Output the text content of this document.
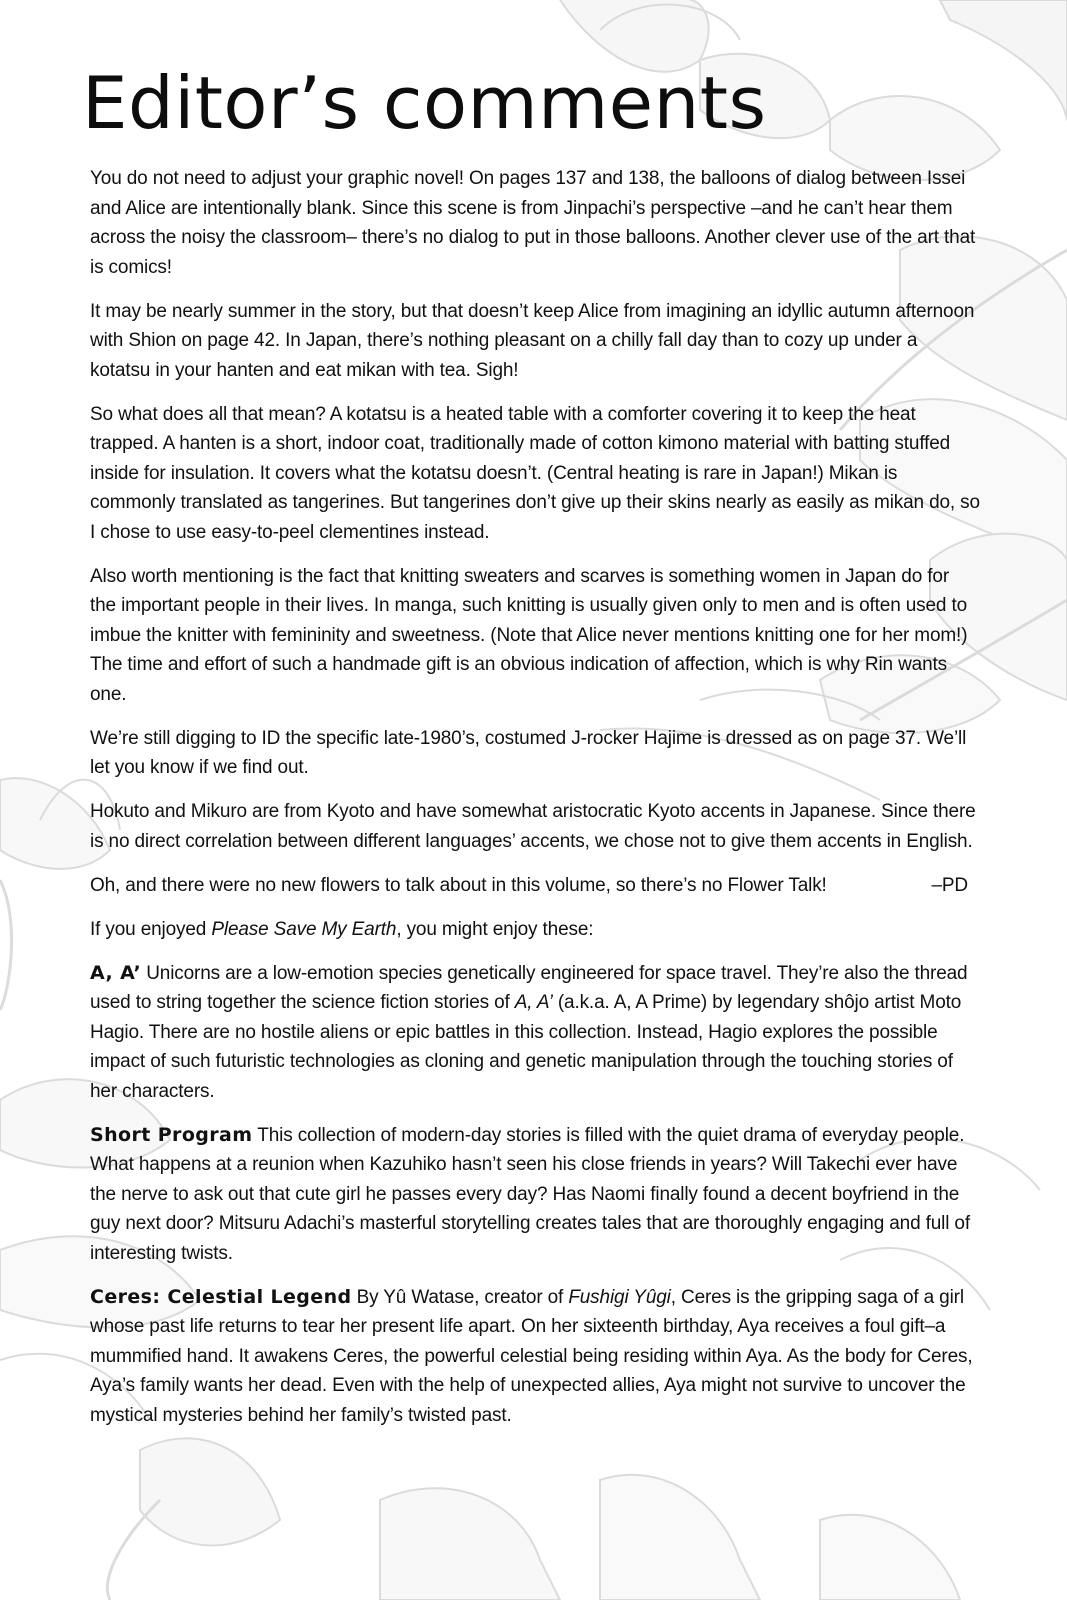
Editor’s comments

You do not need to adjust your graphic novel! On pages 137 and 138, the balloons of dialog between Issei and Alice are intentionally blank. Since this scene is from Jinpachi’s perspective –and he can’t hear them across the noisy the classroom– there’s no dialog to put in those balloons. Another clever use of the art that is comics!

It may be nearly summer in the story, but that doesn’t keep Alice from imagining an idyllic autumn afternoon with Shion on page 42. In Japan, there’s nothing pleasant on a chilly fall day than to cozy up under a kotatsu in your hanten and eat mikan with tea. Sigh!

So what does all that mean? A kotatsu is a heated table with a comforter covering it to keep the heat trapped. A hanten is a short, indoor coat, traditionally made of cotton kimono material with batting stuffed inside for insulation. It covers what the kotatsu doesn’t. (Central heating is rare in Japan!) Mikan is commonly translated as tangerines. But tangerines don’t give up their skins nearly as easily as mikan do, so I chose to use easy-to-peel clementines instead.

Also worth mentioning is the fact that knitting sweaters and scarves is something women in Japan do for the important people in their lives. In manga, such knitting is usually given only to men and is often used to imbue the knitter with femininity and sweetness. (Note that Alice never mentions knitting one for her mom!) The time and effort of such a handmade gift is an obvious indication of affection, which is why Rin wants one.

We’re still digging to ID the specific late-1980’s, costumed J-rocker Hajime is dressed as on page 37. We’ll let you know if we find out.

Hokuto and Mikuro are from Kyoto and have somewhat aristocratic Kyoto accents in Japanese. Since there is no direct correlation between different languages’ accents, we chose not to give them accents in English.

Oh, and there were no new flowers to talk about in this volume, so there’s no Flower Talk!	–PD

If you enjoyed Please Save My Earth, you might enjoy these:

A, A’ Unicorns are a low-emotion species genetically engineered for space travel. They’re also the thread used to string together the science fiction stories of A, A’ (a.k.a. A, A Prime) by legendary shôjo artist Moto Hagio. There are no hostile aliens or epic battles in this collection. Instead, Hagio explores the possible impact of such futuristic technologies as cloning and genetic manipulation through the touching stories of her characters.

Short Program This collection of modern-day stories is filled with the quiet drama of everyday people. What happens at a reunion when Kazuhiko hasn’t seen his close friends in years? Will Takechi ever have the nerve to ask out that cute girl he passes every day? Has Naomi finally found a decent boyfriend in the guy next door? Mitsuru Adachi’s masterful storytelling creates tales that are thoroughly engaging and full of interesting twists.

Ceres: Celestial Legend By Yû Watase, creator of Fushigi Yûgi, Ceres is the gripping saga of a girl whose past life returns to tear her present life apart. On her sixteenth birthday, Aya receives a foul gift–a mummified hand. It awakens Ceres, the powerful celestial being residing within Aya. As the body for Ceres, Aya’s family wants her dead. Even with the help of unexpected allies, Aya might not survive to uncover the mystical mysteries behind her family’s twisted past.
